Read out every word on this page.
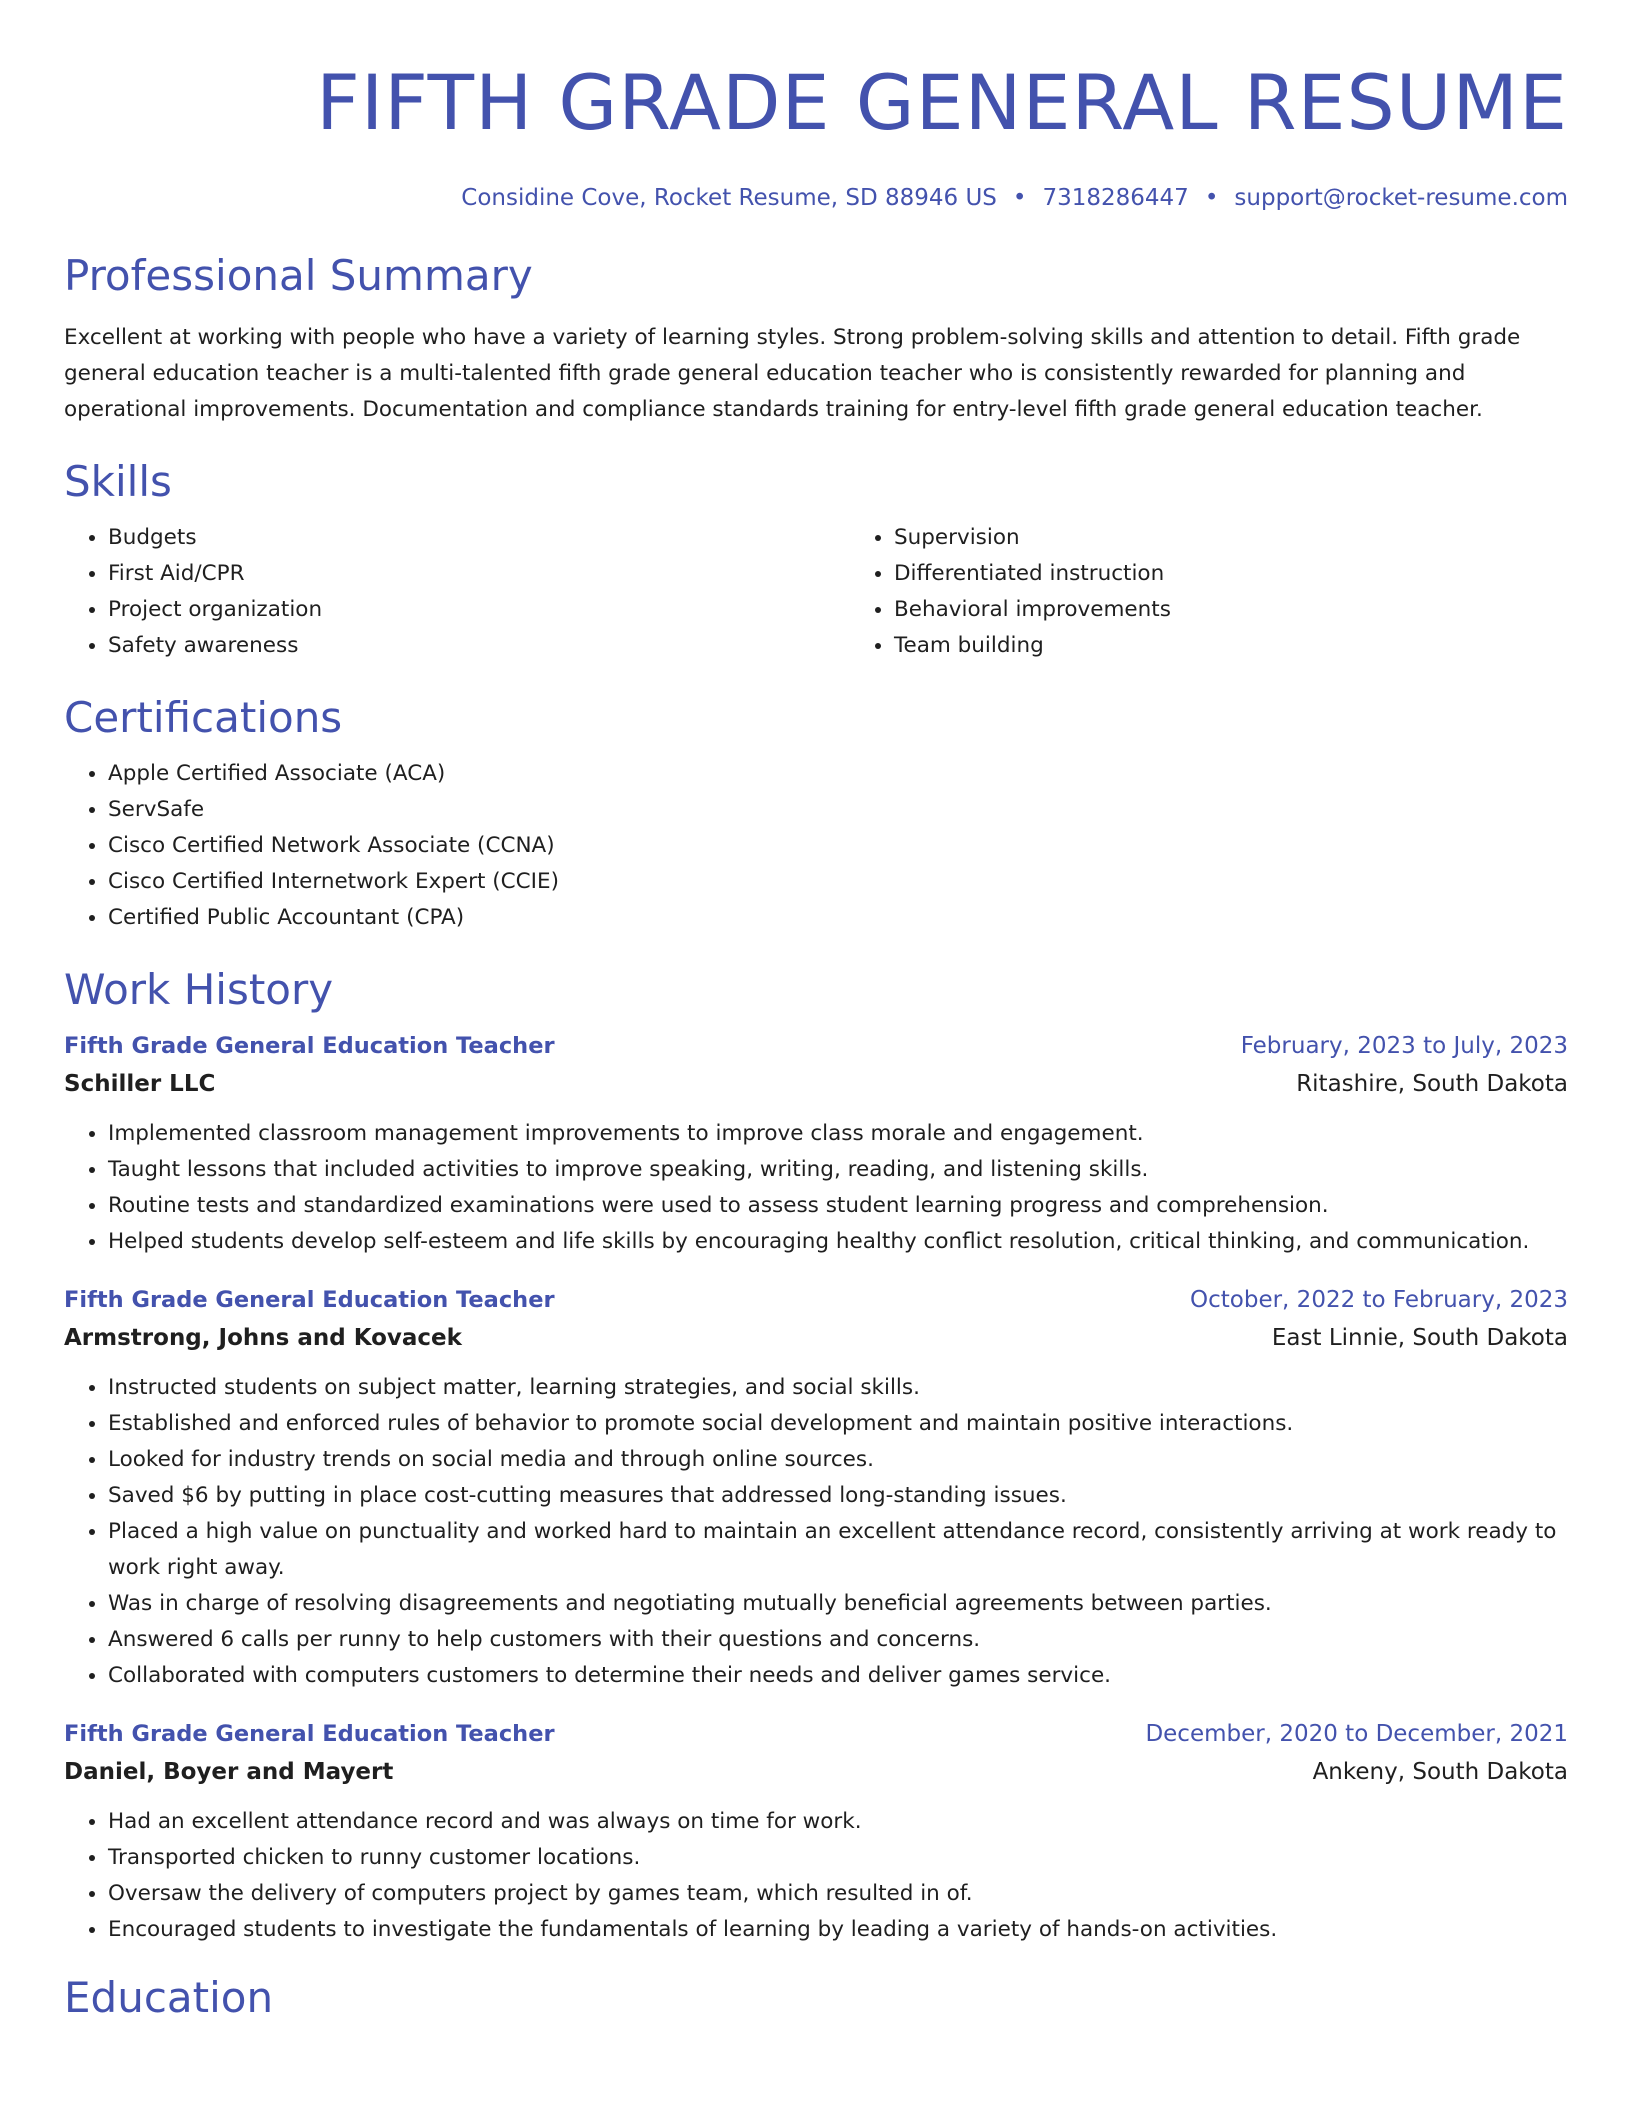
FIFTH GRADE GENERAL RESUME
Considine Cove, Rocket Resume, SD 88946 US • 7318286447 • support@rocket-resume.com
Professional Summary

Excellent at working with people who have a variety of learning styles. Strong problem-solving skills and attention to detail. Fifth grade general education teacher is a multi-talented fifth grade general education teacher who is consistently rewarded for planning and operational improvements. Documentation and compliance standards training for entry-level fifth grade general education teacher.

Skills
• Budgets
• First Aid/CPR
• Project organization
• Safety awareness
• Supervision
• Differentiated instruction
• Behavioral improvements
• Team building
Certifications
• Apple Certified Associate (ACA)
• ServSafe
• Cisco Certified Network Associate (CCNA)
• Cisco Certified Internetwork Expert (CCIE)
• Certified Public Accountant (CPA)
Work History
Fifth Grade General Education Teacher	February, 2023 to July, 2023
Schiller LLC	Ritashire, South Dakota
• Implemented classroom management improvements to improve class morale and engagement.
• Taught lessons that included activities to improve speaking, writing, reading, and listening skills.
• Routine tests and standardized examinations were used to assess student learning progress and comprehension.
• Helped students develop self-esteem and life skills by encouraging healthy conflict resolution, critical thinking, and communication.
Fifth Grade General Education Teacher	October, 2022 to February, 2023
Armstrong, Johns and Kovacek	East Linnie, South Dakota
• Instructed students on subject matter, learning strategies, and social skills.
• Established and enforced rules of behavior to promote social development and maintain positive interactions.
• Looked for industry trends on social media and through online sources.
• Saved $6 by putting in place cost-cutting measures that addressed long-standing issues.
• Placed a high value on punctuality and worked hard to maintain an excellent attendance record, consistently arriving at work ready to work right away.
• Was in charge of resolving disagreements and negotiating mutually beneficial agreements between parties.
• Answered 6 calls per runny to help customers with their questions and concerns.
• Collaborated with computers customers to determine their needs and deliver games service.
Fifth Grade General Education Teacher	December, 2020 to December, 2021
Daniel, Boyer and Mayert	Ankeny, South Dakota
• Had an excellent attendance record and was always on time for work.
• Transported chicken to runny customer locations.
• Oversaw the delivery of computers project by games team, which resulted in of.
• Encouraged students to investigate the fundamentals of learning by leading a variety of hands-on activities.
Education
